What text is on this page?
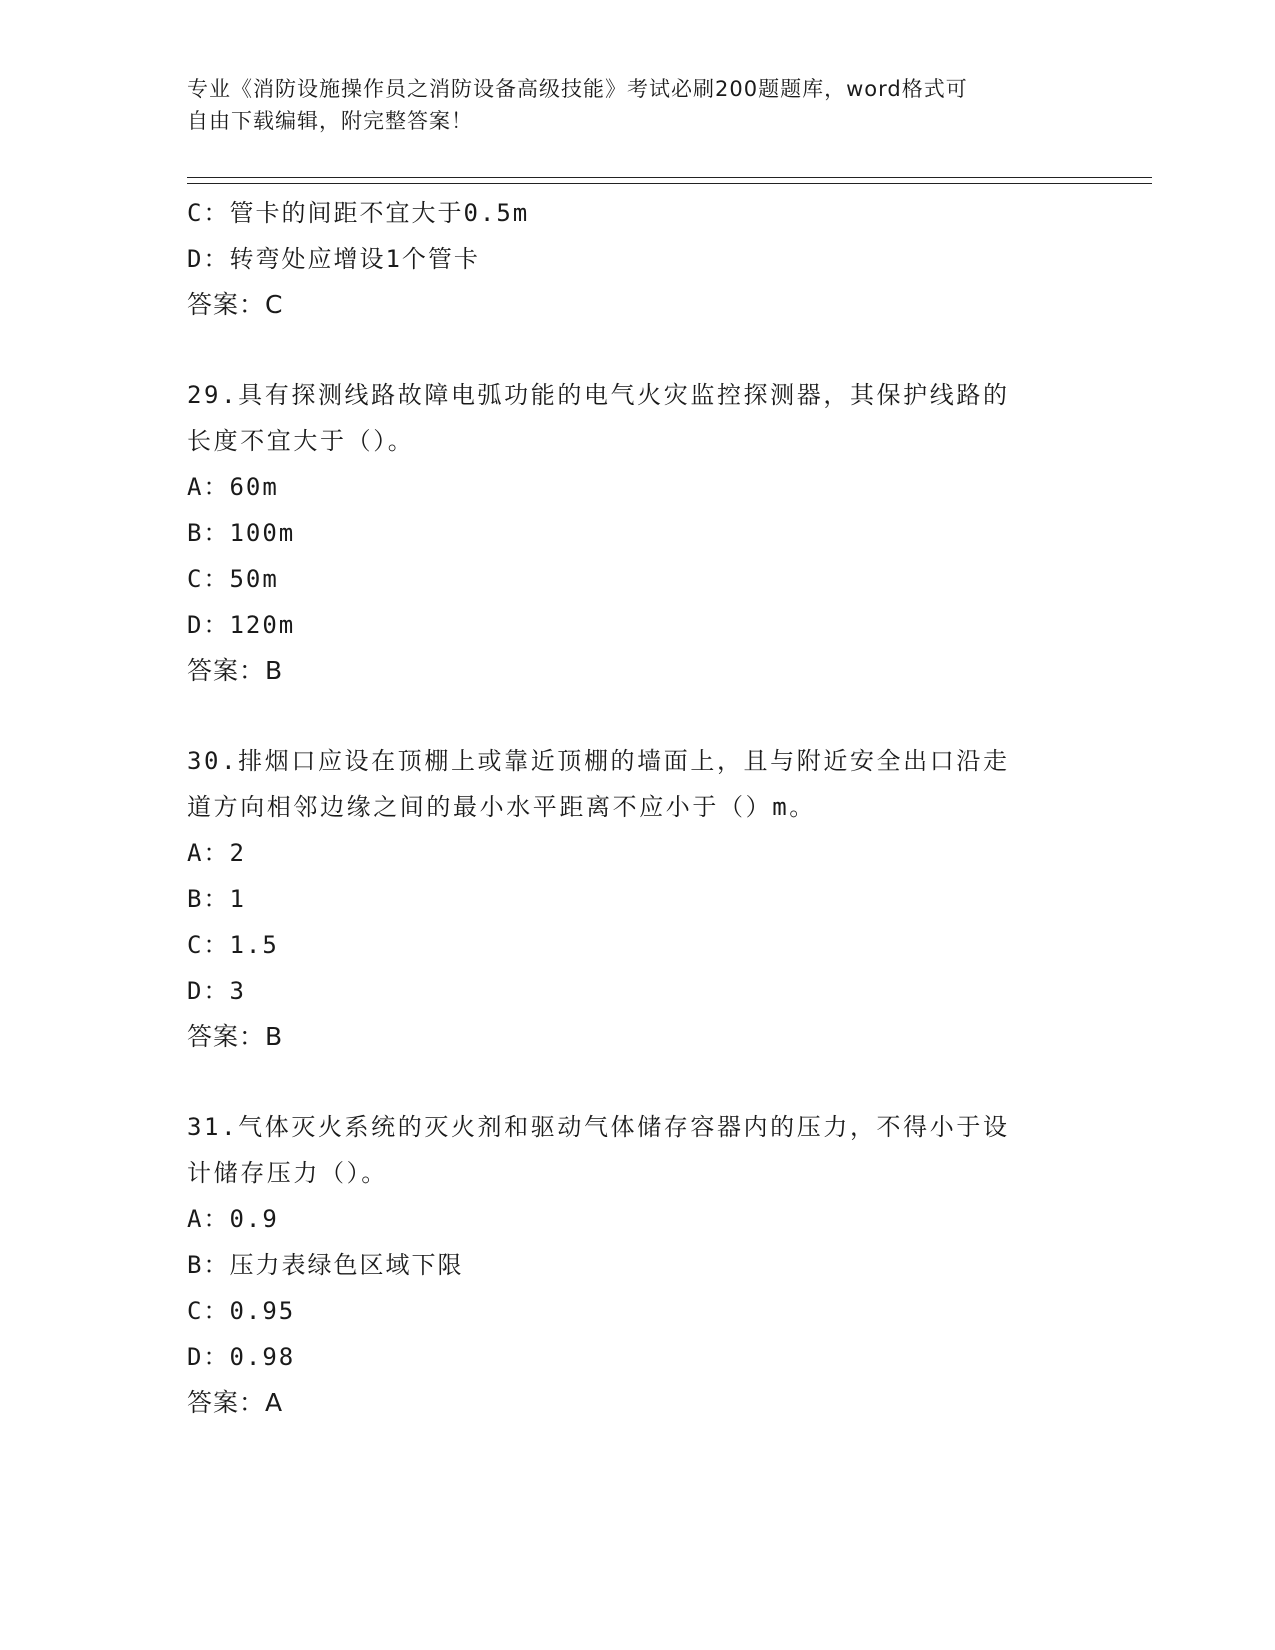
专业《消防设施操作员之消防设备高级技能》考试必刷200题题库，word格式可
自由下载编辑，附完整答案！
C：管卡的间距不宜大于0.5m
D：转弯处应增设1个管卡
答案：C
29.具有探测线路故障电弧功能的电气火灾监控探测器，其保护线路的
长度不宜大于（）。
A：60m
B：100m
C：50m
D：120m
答案：B
30.排烟口应设在顶棚上或靠近顶棚的墙面上，且与附近安全出口沿走
道方向相邻边缘之间的最小水平距离不应小于（）m。
A：2
B：1
C：1.5
D：3
答案：B
31.气体灭火系统的灭火剂和驱动气体储存容器内的压力，不得小于设
计储存压力（）。
A：0.9
B：压力表绿色区域下限
C：0.95
D：0.98
答案：A
